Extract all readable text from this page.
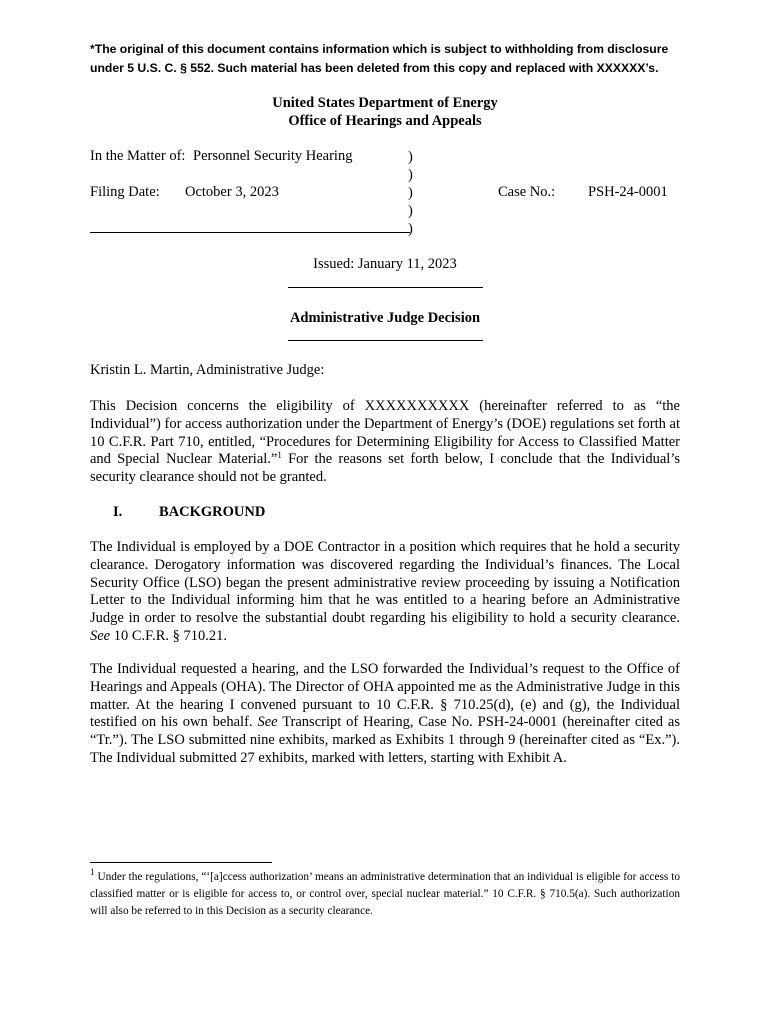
*The original of this document contains information which is subject to withholding from disclosure under 5 U.S. C. § 552. Such material has been deleted from this copy and replaced with XXXXXX’s.
United States Department of Energy
Office of Hearings and Appeals
In the Matter of: Personnel Security Hearing
Filing Date: October 3, 2023	Case No.: PSH-24-0001
)
)
)
)
)
Issued: January 11, 2023
Administrative Judge Decision

Kristin L. Martin, Administrative Judge:

This Decision concerns the eligibility of XXXXXXXXXX (hereinafter referred to as “the Individual”) for access authorization under the Department of Energy’s (DOE) regulations set forth at 10 C.F.R. Part 710, entitled, “Procedures for Determining Eligibility for Access to Classified Matter and Special Nuclear Material.”$^1$ For the reasons set forth below, I conclude that the Individual’s security clearance should not be granted.

I.	BACKGROUND

The Individual is employed by a DOE Contractor in a position which requires that he hold a security clearance. Derogatory information was discovered regarding the Individual’s finances. The Local Security Office (LSO) began the present administrative review proceeding by issuing a Notification Letter to the Individual informing him that he was entitled to a hearing before an Administrative Judge in order to resolve the substantial doubt regarding his eligibility to hold a security clearance. See 10 C.F.R. § 710.21.

The Individual requested a hearing, and the LSO forwarded the Individual’s request to the Office of Hearings and Appeals (OHA). The Director of OHA appointed me as the Administrative Judge in this matter. At the hearing I convened pursuant to 10 C.F.R. § 710.25(d), (e) and (g), the Individual testified on his own behalf. See Transcript of Hearing, Case No. PSH-24-0001 (hereinafter cited as “Tr.”). The LSO submitted nine exhibits, marked as Exhibits 1 through 9 (hereinafter cited as “Ex.”). The Individual submitted 27 exhibits, marked with letters, starting with Exhibit A.

$^1$ Under the regulations, “‘[a]ccess authorization’ means an administrative determination that an individual is eligible for access to classified matter or is eligible for access to, or control over, special nuclear material.” 10 C.F.R. § 710.5(a). Such authorization will also be referred to in this Decision as a security clearance.
